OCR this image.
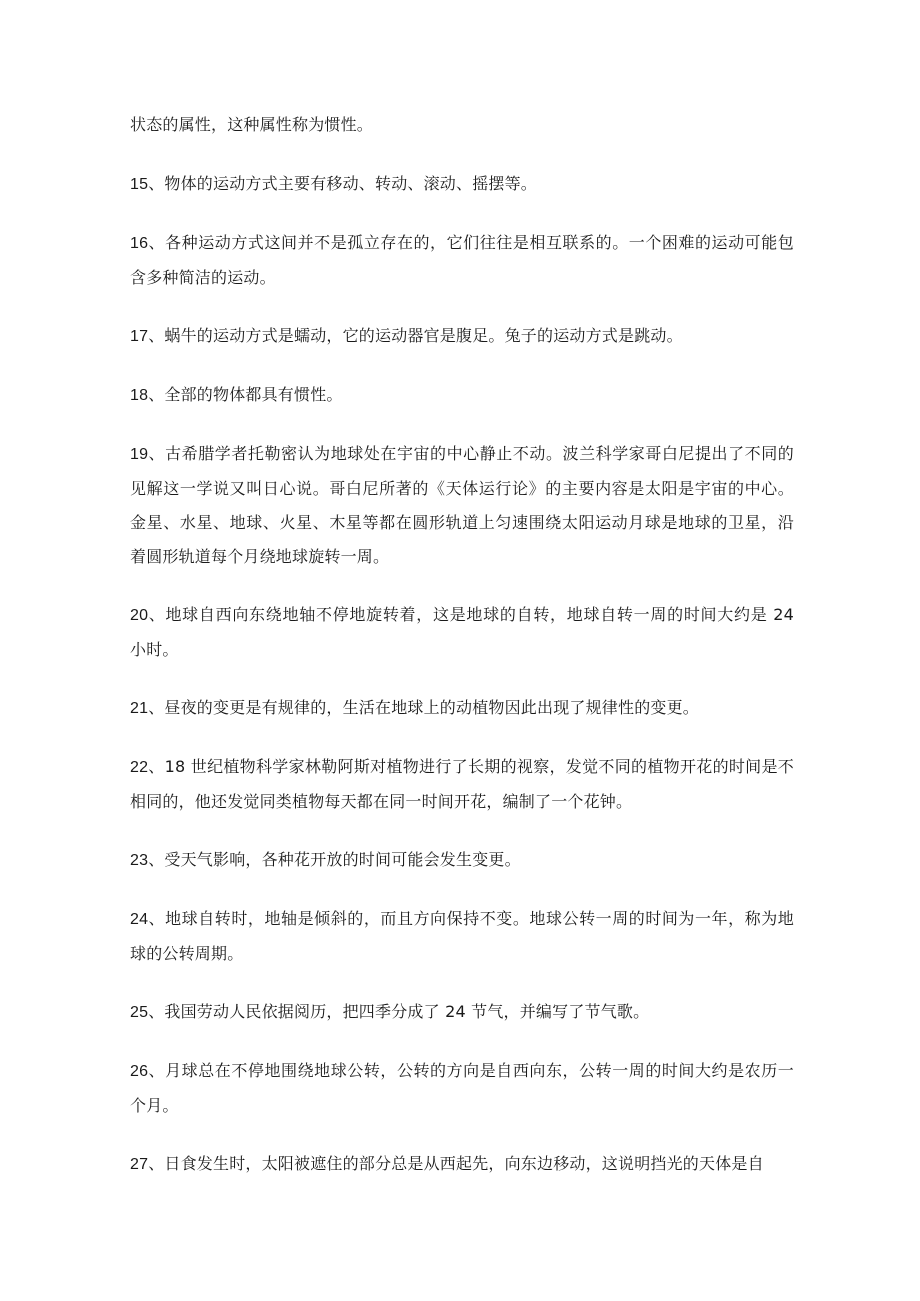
状态的属性，这种属性称为惯性。

15、物体的运动方式主要有移动、转动、滚动、摇摆等。

16、各种运动方式这间并不是孤立存在的，它们往往是相互联系的。一个困难的运动可能包含多种简洁的运动。

17、蜗牛的运动方式是蠕动，它的运动器官是腹足。兔子的运动方式是跳动。

18、全部的物体都具有惯性。

19、古希腊学者托勒密认为地球处在宇宙的中心静止不动。波兰科学家哥白尼提出了不同的见解这一学说又叫日心说。哥白尼所著的《天体运行论》的主要内容是太阳是宇宙的中心。金星、水星、地球、火星、木星等都在圆形轨道上匀速围绕太阳运动月球是地球的卫星，沿着圆形轨道每个月绕地球旋转一周。

20、地球自西向东绕地轴不停地旋转着，这是地球的自转，地球自转一周的时间大约是 24 小时。

21、昼夜的变更是有规律的，生活在地球上的动植物因此出现了规律性的变更。

22、18 世纪植物科学家林勒阿斯对植物进行了长期的视察，发觉不同的植物开花的时间是不相同的，他还发觉同类植物每天都在同一时间开花，编制了一个花钟。

23、受天气影响，各种花开放的时间可能会发生变更。

24、地球自转时，地轴是倾斜的，而且方向保持不变。地球公转一周的时间为一年，称为地球的公转周期。

25、我国劳动人民依据阅历，把四季分成了 24 节气，并编写了节气歌。

26、月球总在不停地围绕地球公转，公转的方向是自西向东，公转一周的时间大约是农历一个月。

27、日食发生时，太阳被遮住的部分总是从西起先，向东边移动，这说明挡光的天体是自
